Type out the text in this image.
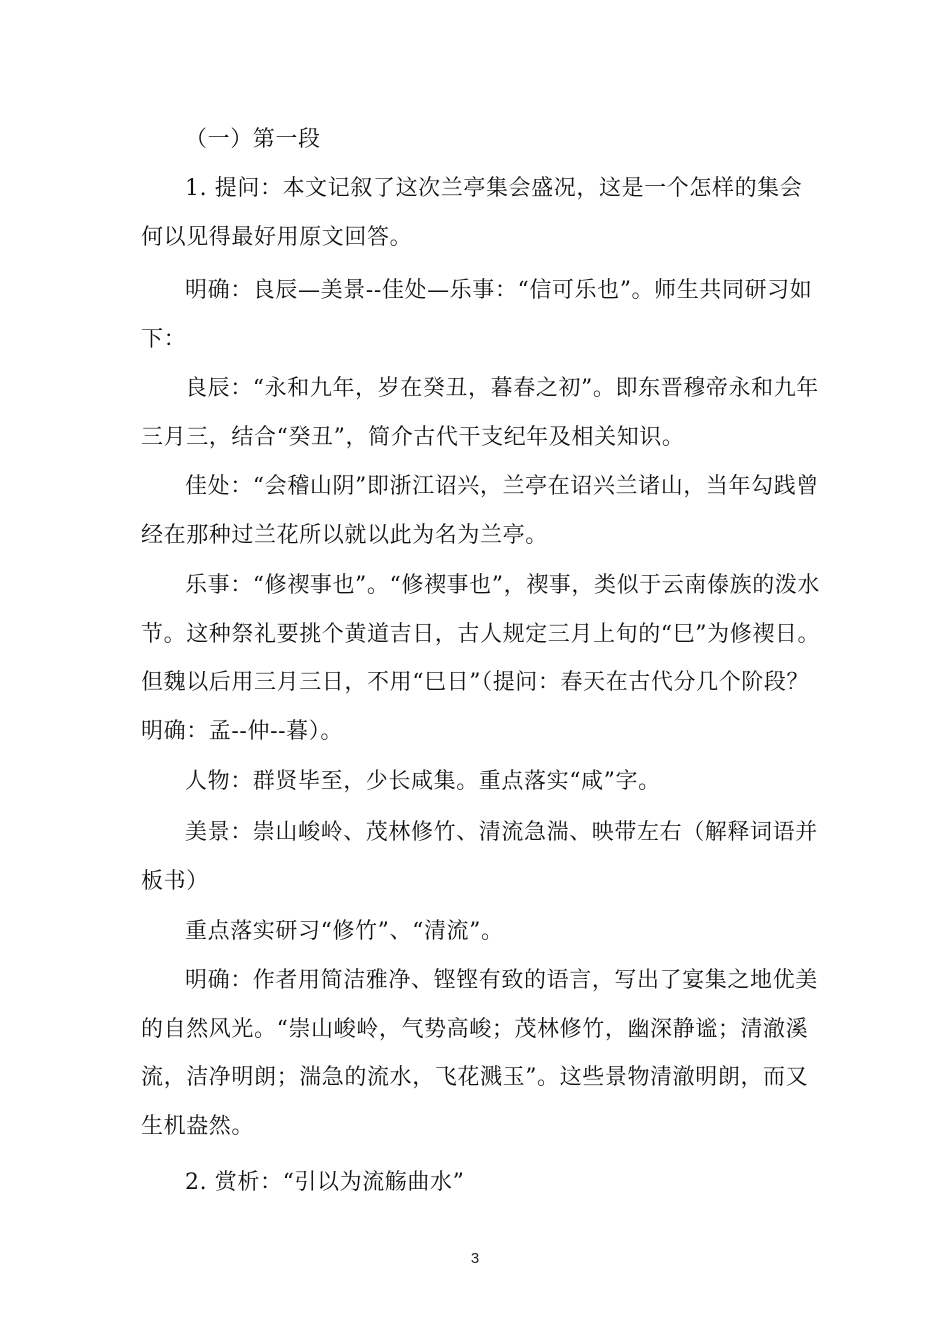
（一）第一段

1. 提问：本文记叙了这次兰亭集会盛况，这是一个怎样的集会何以见得最好用原文回答。

明确：良辰—美景--佳处—乐事：“信可乐也”。师生共同研习如下：

良辰：“永和九年，岁在癸丑，暮春之初”。即东晋穆帝永和九年三月三，结合“癸丑”，简介古代干支纪年及相关知识。

佳处：“会稽山阴”即浙江诏兴，兰亭在诏兴兰诸山，当年勾践曾经在那种过兰花所以就以此为名为兰亭。

乐事：“修禊事也”。“修禊事也”，禊事，类似于云南傣族的泼水节。这种祭礼要挑个黄道吉日，古人规定三月上旬的“巳”为修禊日。但魏以后用三月三日，不用“巳日”（提问：春天在古代分几个阶段？明确：孟--仲--暮）。

人物：群贤毕至，少长咸集。重点落实“咸”字。

美景：崇山峻岭、茂林修竹、清流急湍、映带左右（解释词语并板书）

重点落实研习“修竹”、“清流”。

明确：作者用简洁雅净、铿铿有致的语言，写出了宴集之地优美的自然风光。“崇山峻岭，气势高峻；茂林修竹，幽深静谧；清澈溪流，洁净明朗；湍急的流水，飞花溅玉”。这些景物清澈明朗，而又生机盎然。

2. 赏析：“引以为流觞曲水”

3
